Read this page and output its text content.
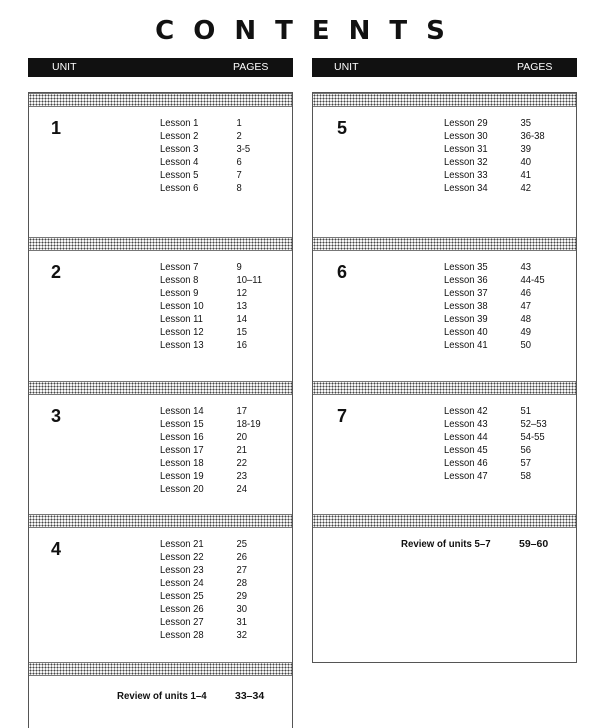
CONTENTS
UNIT	PAGES
1	Lesson 1	1
Lesson 2	2
Lesson 3	3-5
Lesson 4	6
Lesson 5	7
Lesson 6	8
2	Lesson 7	9
Lesson 8	10–11
Lesson 9	12
Lesson 10	13
Lesson 11	14
Lesson 12	15
Lesson 13	16
3	Lesson 14	17
Lesson 15	18-19
Lesson 16	20
Lesson 17	21
Lesson 18	22
Lesson 19	23
Lesson 20	24
4	Lesson 21	25
Lesson 22	26
Lesson 23	27
Lesson 24	28
Lesson 25	29
Lesson 26	30
Lesson 27	31
Lesson 28	32
Review of units 1–4	33–34
UNIT	PAGES
5	Lesson 29	35
Lesson 30	36-38
Lesson 31	39
Lesson 32	40
Lesson 33	41
Lesson 34	42
6	Lesson 35	43
Lesson 36	44-45
Lesson 37	46
Lesson 38	47
Lesson 39	48
Lesson 40	49
Lesson 41	50
7	Lesson 42	51
Lesson 43	52–53
Lesson 44	54-55
Lesson 45	56
Lesson 46	57
Lesson 47	58
Review of units 5–7	59–60
